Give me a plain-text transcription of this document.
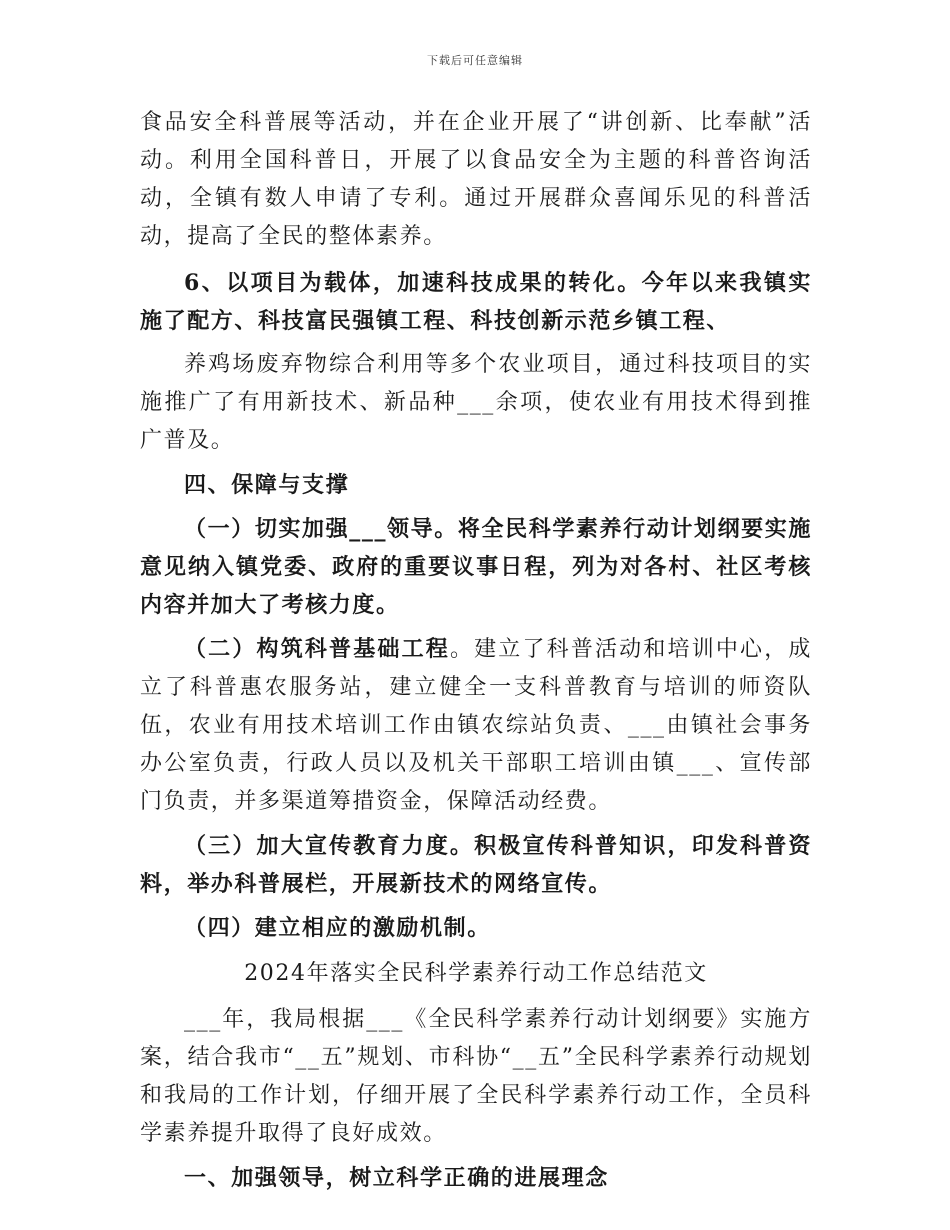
下载后可任意编辑

食品安全科普展等活动，并在企业开展了“讲创新、比奉献”活动。利用全国科普日，开展了以食品安全为主题的科普咨询活动，全镇有数人申请了专利。通过开展群众喜闻乐见的科普活动，提高了全民的整体素养。

6、以项目为载体，加速科技成果的转化。今年以来我镇实施了配方、科技富民强镇工程、科技创新示范乡镇工程、

养鸡场废弃物综合利用等多个农业项目，通过科技项目的实施推广了有用新技术、新品种___余项，使农业有用技术得到推广普及。

四、保障与支撑

（一）切实加强___领导。将全民科学素养行动计划纲要实施意见纳入镇党委、政府的重要议事日程，列为对各村、社区考核内容并加大了考核力度。

（二）构筑科普基础工程。建立了科普活动和培训中心，成立了科普惠农服务站，建立健全一支科普教育与培训的师资队伍，农业有用技术培训工作由镇农综站负责、___由镇社会事务办公室负责，行政人员以及机关干部职工培训由镇___、宣传部门负责，并多渠道筹措资金，保障活动经费。

（三）加大宣传教育力度。积极宣传科普知识，印发科普资料，举办科普展栏，开展新技术的网络宣传。

（四）建立相应的激励机制。

2024年落实全民科学素养行动工作总结范文

___年，我局根据___《全民科学素养行动计划纲要》实施方案，结合我市“__五”规划、市科协“__五”全民科学素养行动规划和我局的工作计划，仔细开展了全民科学素养行动工作，全员科学素养提升取得了良好成效。

一、加强领导，树立科学正确的进展理念
